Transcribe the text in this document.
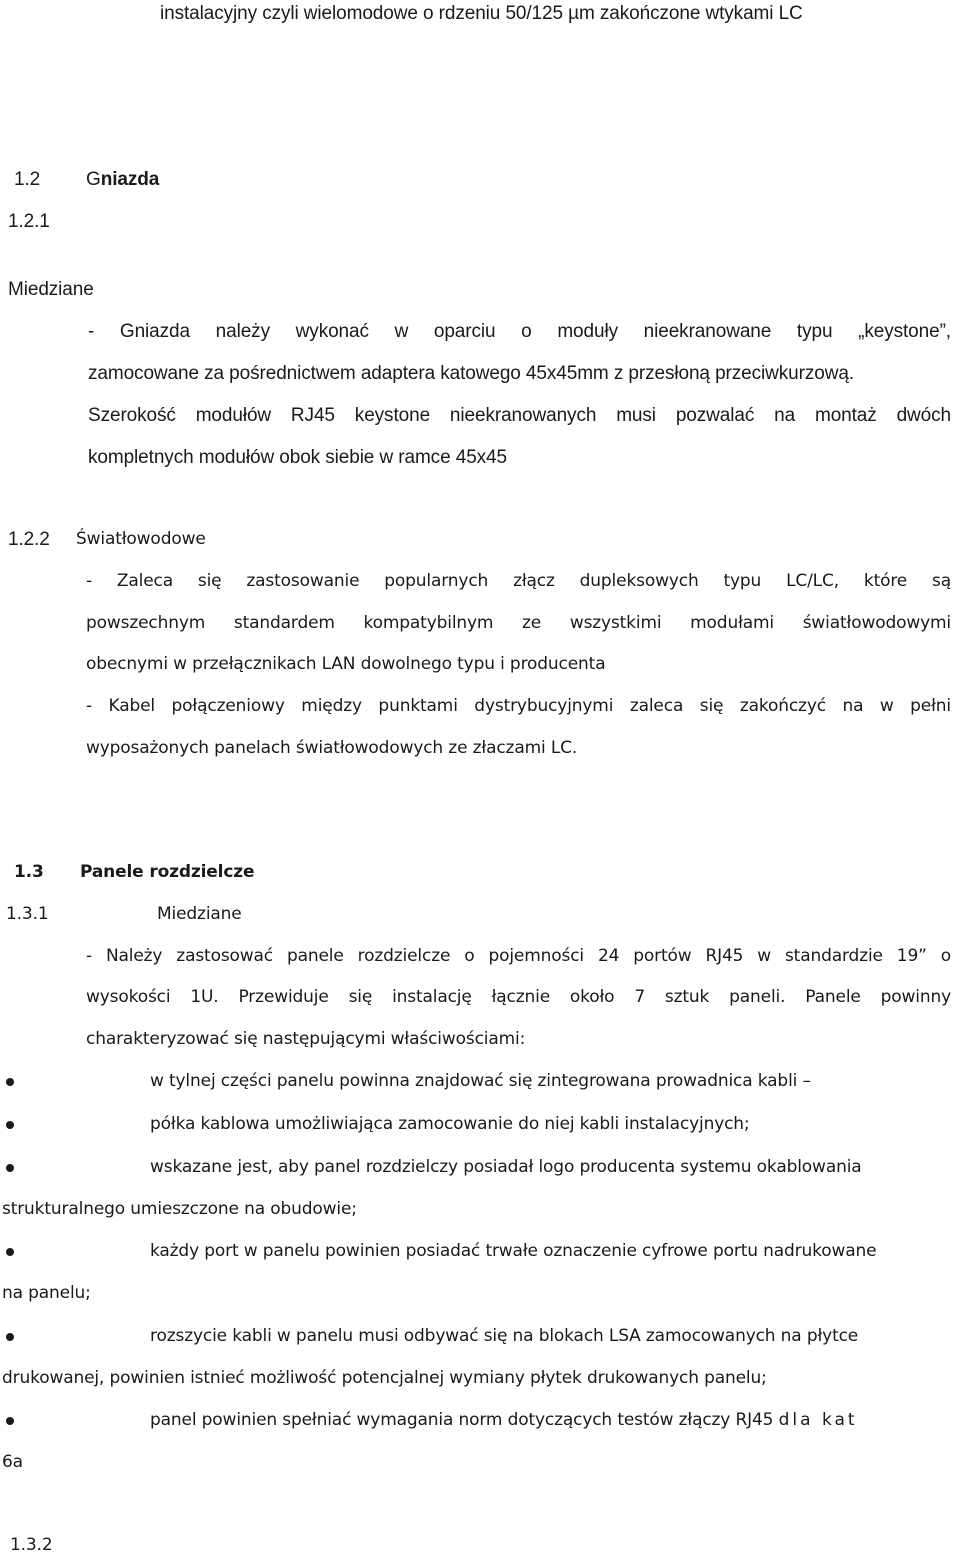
instalacyjny czyli wielomodowe o rdzeniu 50/125 µm zakończone wtykami LC
1.2 Gniazda
1.2.1
Miedziane
- Gniazda należy wykonać w oparciu o moduły nieekranowane typu „keystone”,
zamocowane za pośrednictwem adaptera katowego 45x45mm z przesłoną przeciwkurzową.
Szerokość modułów RJ45 keystone nieekranowanych musi pozwalać na montaż dwóch
kompletnych modułów obok siebie w ramce 45x45
1.2.2 Światłowodowe
- Zaleca się zastosowanie popularnych złącz dupleksowych typu LC/LC, które są
powszechnym standardem kompatybilnym ze wszystkimi modułami światłowodowymi
obecnymi w przełącznikach LAN dowolnego typu i producenta
- Kabel połączeniowy między punktami dystrybucyjnymi zaleca się zakończyć na w pełni
wyposażonych panelach światłowodowych ze złaczami LC.
1.3 Panele rozdzielcze
1.3.1	Miedziane
- Należy zastosować panele rozdzielcze o pojemności 24 portów RJ45 w standardzie 19” o
wysokości 1U. Przewiduje się instalację łącznie około 7 sztuk paneli. Panele powinny
charakteryzować się następującymi właściwościami:
w tylnej części panelu powinna znajdować się zintegrowana prowadnica kabli –
półka kablowa umożliwiająca zamocowanie do niej kabli instalacyjnych;
wskazane jest, aby panel rozdzielczy posiadał logo producenta systemu okablowania
strukturalnego umieszczone na obudowie;
każdy port w panelu powinien posiadać trwałe oznaczenie cyfrowe portu nadrukowane
na panelu;
rozszycie kabli w panelu musi odbywać się na blokach LSA zamocowanych na płytce
drukowanej, powinien istnieć możliwość potencjalnej wymiany płytek drukowanych panelu;
panel powinien spełniać wymagania norm dotyczących testów złączy RJ45 dla kat
6a
1.3.2
